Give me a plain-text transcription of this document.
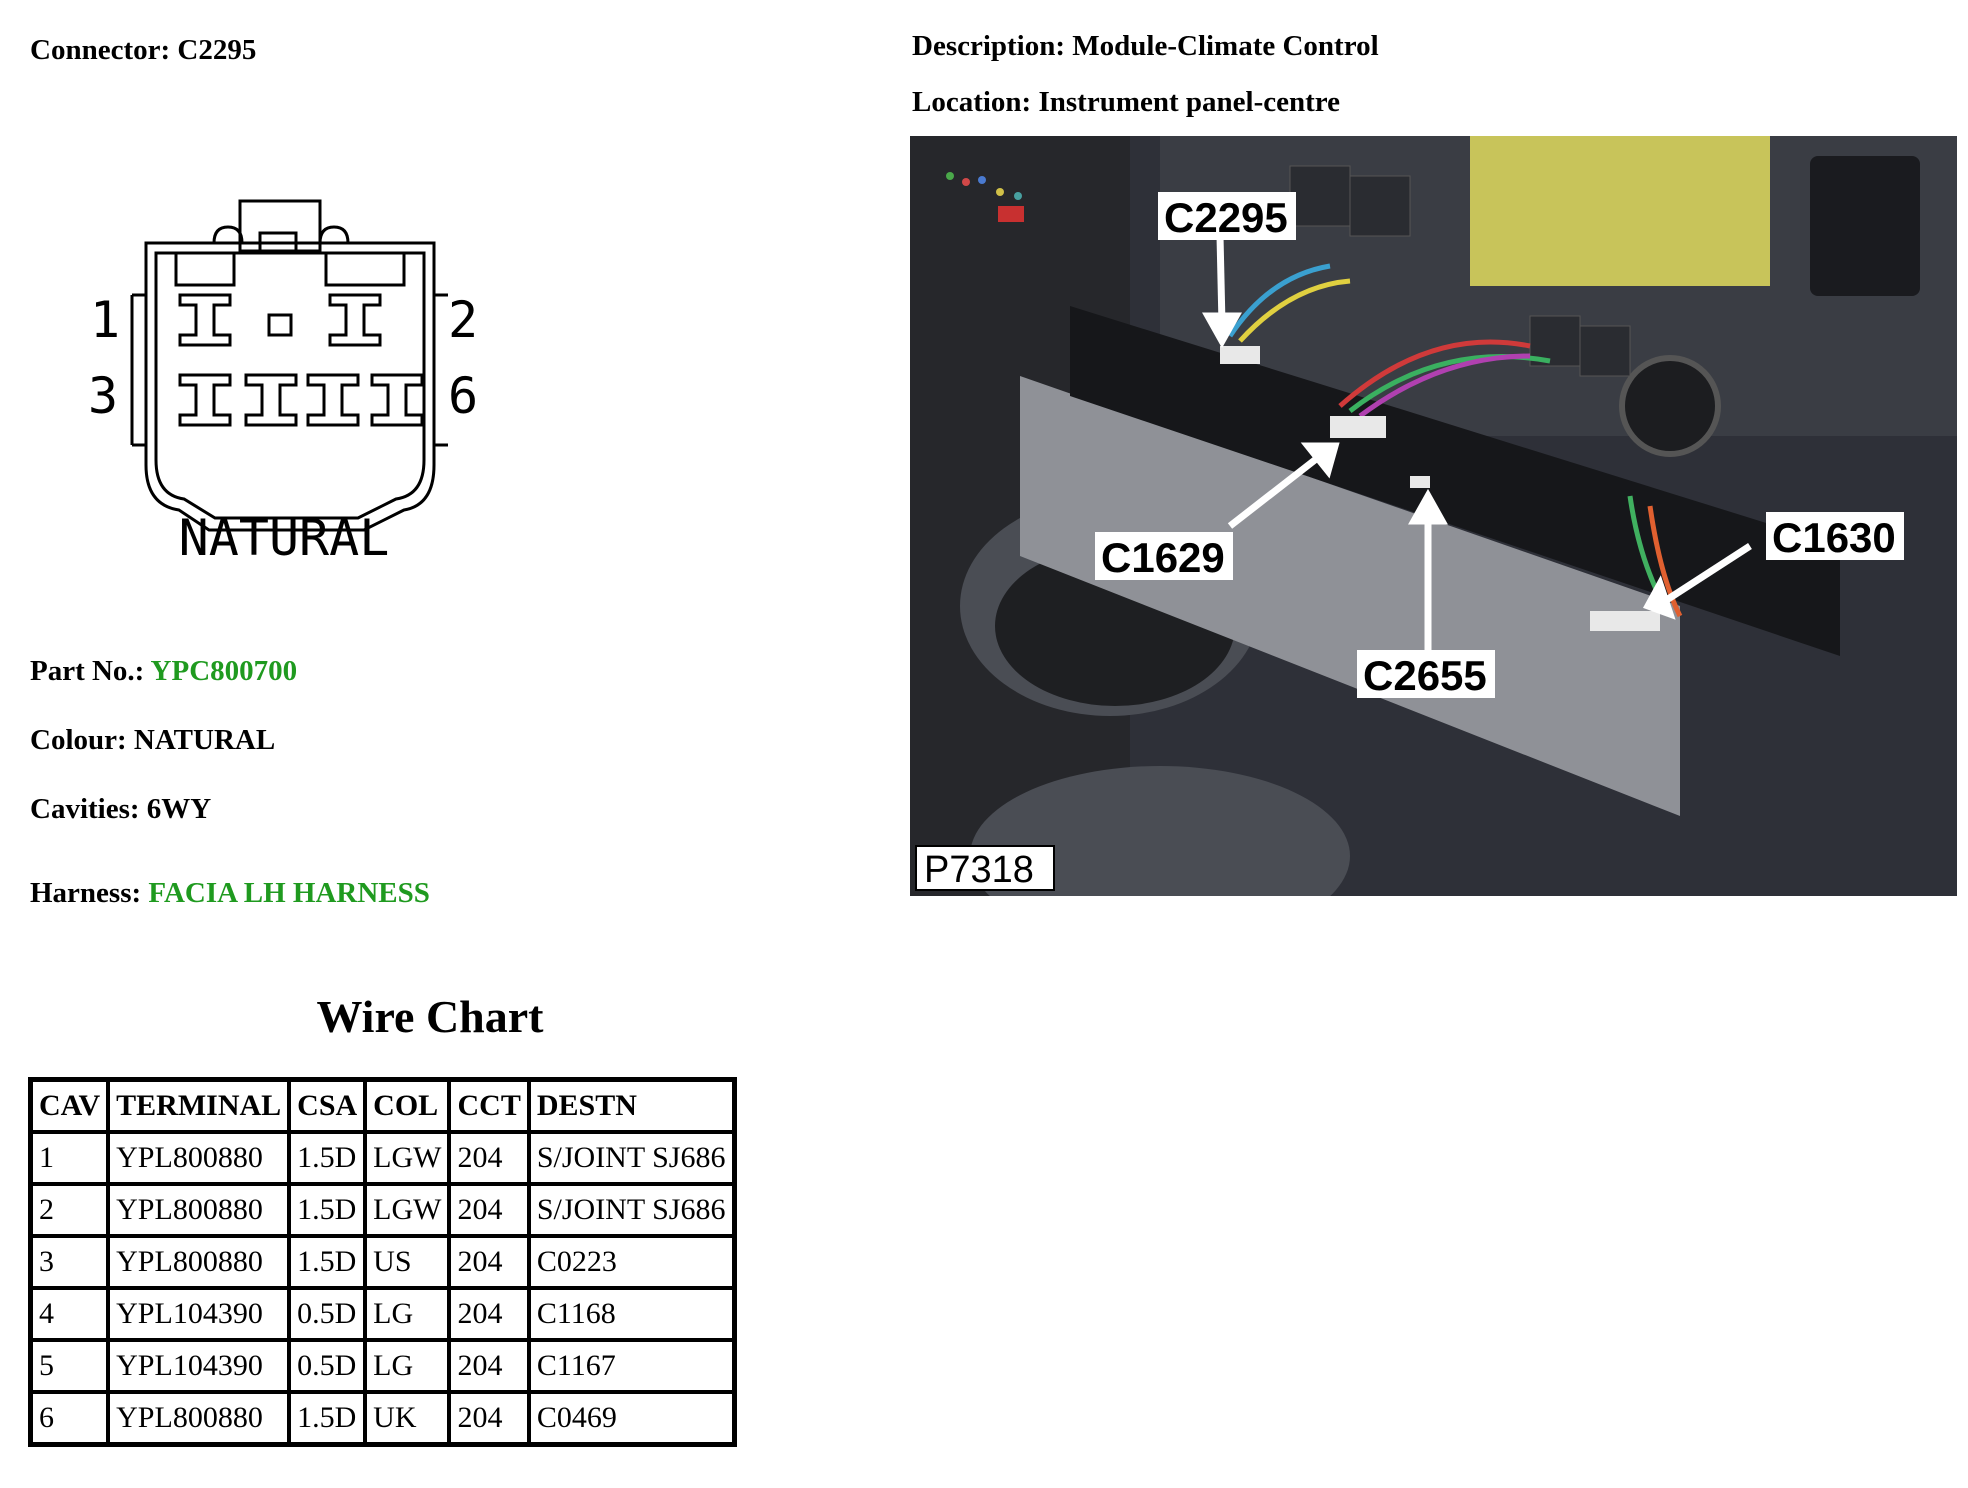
Connector: C2295	Description: Module-Climate Control
Location: Instrument panel-centre
1	2
3	6
NATURAL
Part No.: YPC800700
Colour: NATURAL
Cavities: 6WY
Harness: FACIA LH HARNESS
C2295
C1629
C2655
C1630
P7318
Wire Chart
CAV	TERMINAL	CSA	COL	CCT	DESTN
1	YPL800880	1.5D	LGW	204	S/JOINT SJ686
2	YPL800880	1.5D	LGW	204	S/JOINT SJ686
3	YPL800880	1.5D	US	204	C0223
4	YPL104390	0.5D	LG	204	C1168
5	YPL104390	0.5D	LG	204	C1167
6	YPL800880	1.5D	UK	204	C0469
